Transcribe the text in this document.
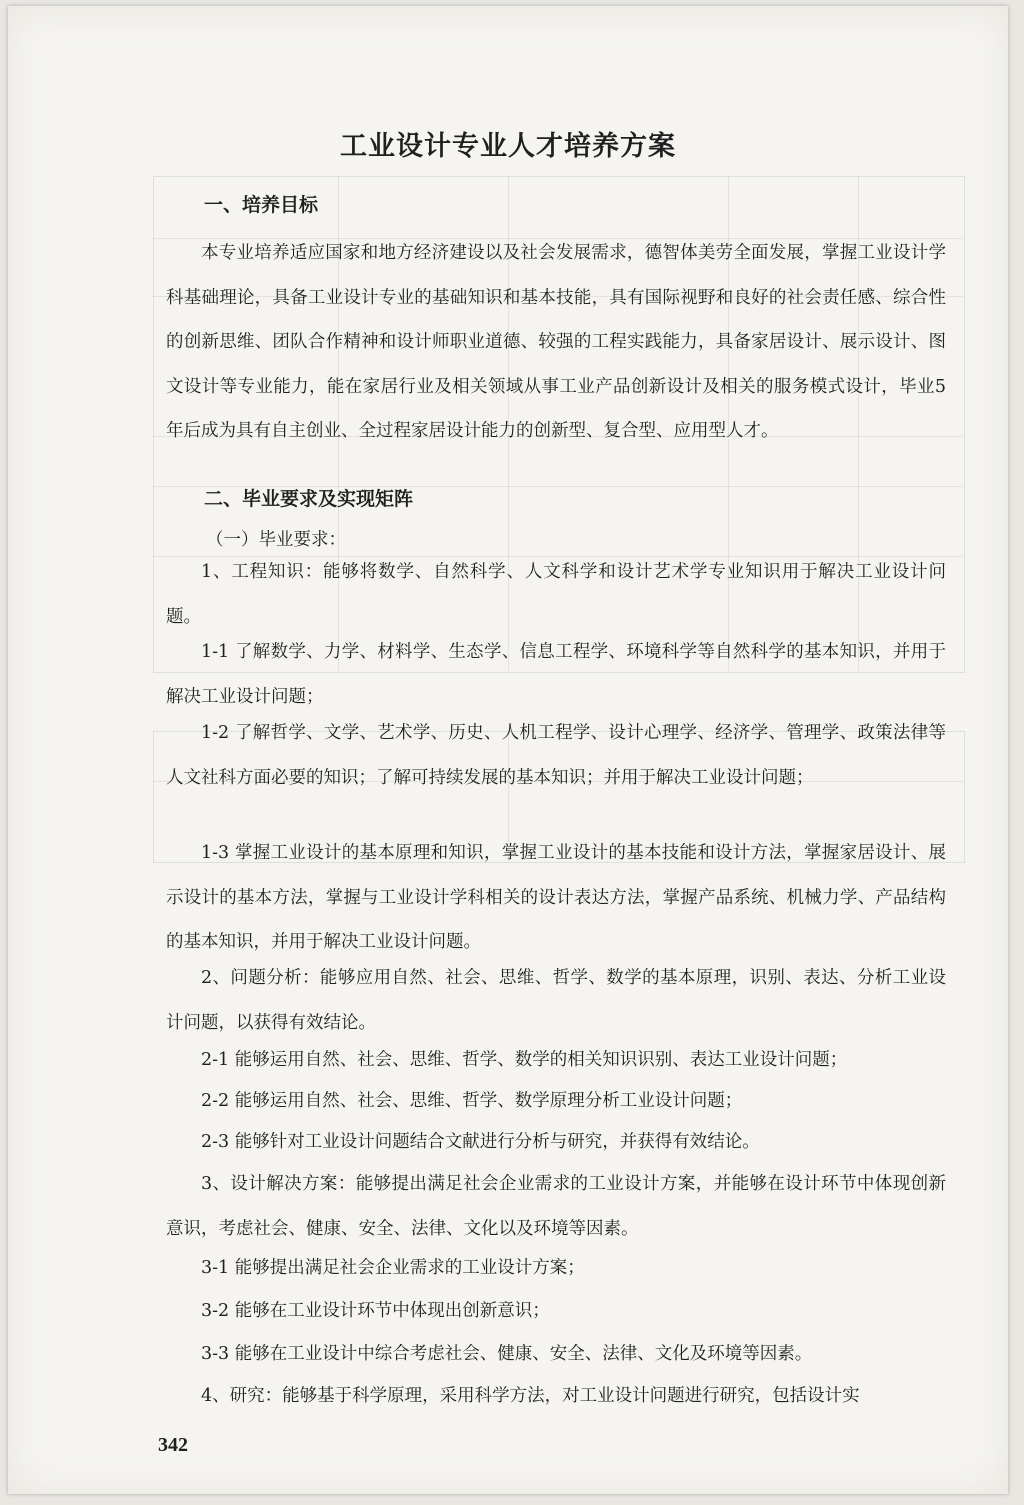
工业设计专业人才培养方案
一、培养目标

本专业培养适应国家和地方经济建设以及社会发展需求，德智体美劳全面发展，掌握工业设计学科基础理论，具备工业设计专业的基础知识和基本技能，具有国际视野和良好的社会责任感、综合性的创新思维、团队合作精神和设计师职业道德、较强的工程实践能力，具备家居设计、展示设计、图文设计等专业能力，能在家居行业及相关领域从事工业产品创新设计及相关的服务模式设计，毕业5年后成为具有自主创业、全过程家居设计能力的创新型、复合型、应用型人才。

二、毕业要求及实现矩阵
（一）毕业要求：

1、工程知识：能够将数学、自然科学、人文科学和设计艺术学专业知识用于解决工业设计问题。

1-1 了解数学、力学、材料学、生态学、信息工程学、环境科学等自然科学的基本知识，并用于解决工业设计问题；

1-2 了解哲学、文学、艺术学、历史、人机工程学、设计心理学、经济学、管理学、政策法律等人文社科方面必要的知识；了解可持续发展的基本知识；并用于解决工业设计问题；

1-3 掌握工业设计的基本原理和知识，掌握工业设计的基本技能和设计方法，掌握家居设计、展示设计的基本方法，掌握与工业设计学科相关的设计表达方法，掌握产品系统、机械力学、产品结构的基本知识，并用于解决工业设计问题。

2、问题分析：能够应用自然、社会、思维、哲学、数学的基本原理，识别、表达、分析工业设计问题，以获得有效结论。

2-1 能够运用自然、社会、思维、哲学、数学的相关知识识别、表达工业设计问题；

2-2 能够运用自然、社会、思维、哲学、数学原理分析工业设计问题；

2-3 能够针对工业设计问题结合文献进行分析与研究，并获得有效结论。

3、设计解决方案：能够提出满足社会企业需求的工业设计方案，并能够在设计环节中体现创新意识，考虑社会、健康、安全、法律、文化以及环境等因素。

3-1 能够提出满足社会企业需求的工业设计方案；

3-2 能够在工业设计环节中体现出创新意识；

3-3 能够在工业设计中综合考虑社会、健康、安全、法律、文化及环境等因素。

4、研究：能够基于科学原理，采用科学方法，对工业设计问题进行研究，包括设计实

342
